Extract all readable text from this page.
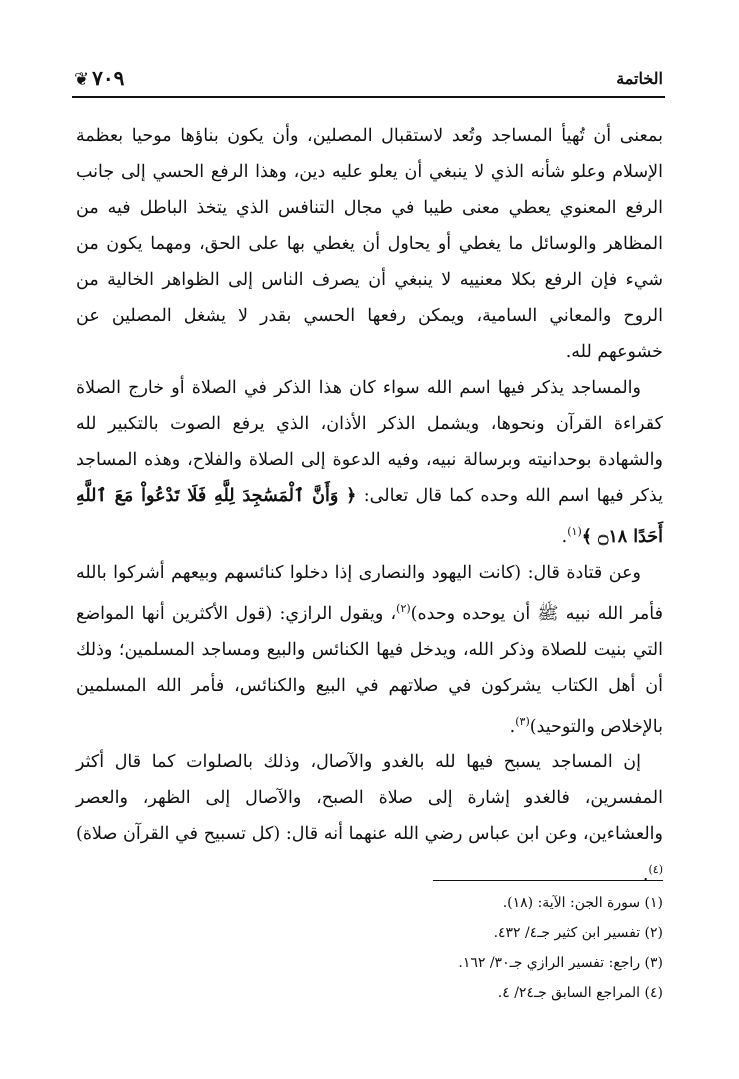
الخاتمة
٧٠٩
❦

بمعنى أن تُهيأ المساجد وتُعد لاستقبال المصلين، وأن يكون بناؤها موحيا بعظمة الإسلام وعلو شأنه الذي لا ينبغي أن يعلو عليه دين، وهذا الرفع الحسي إلى جانب الرفع المعنوي يعطي معنى طيبا في مجال التنافس الذي يتخذ الباطل فيه من المظاهر والوسائل ما يغطي أو يحاول أن يغطي بها على الحق، ومهما يكون من شيء فإن الرفع بكلا معنييه لا ينبغي أن يصرف الناس إلى الظواهر الخالية من الروح والمعاني السامية، ويمكن رفعها الحسي بقدر لا يشغل المصلين عن خشوعهم لله.

والمساجد يذكر فيها اسم الله سواء كان هذا الذكر في الصلاة أو خارج الصلاة كقراءة القرآن ونحوها، ويشمل الذكر الأذان، الذي يرفع الصوت بالتكبير لله والشهادة بوحدانيته وبرسالة نبيه، وفيه الدعوة إلى الصلاة والفلاح، وهذه المساجد يذكر فيها اسم الله وحده كما قال تعالى: ﴿ وَأَنَّ ٱلْمَسَٰجِدَ لِلَّهِ فَلَا تَدْعُواْ مَعَ ٱللَّهِ أَحَدًا ۝١٨ ﴾$^{(١)}$.

وعن قتادة قال: (كانت اليهود والنصارى إذا دخلوا كنائسهم وبيعهم أشركوا بالله فأمر الله نبيه ﷺ أن يوحده وحده)$^{(٢)}$، ويقول الرازي: (قول الأكثرين أنها المواضع التي بنيت للصلاة وذكر الله، ويدخل فيها الكنائس والبيع ومساجد المسلمين؛ وذلك أن أهل الكتاب يشركون في صلاتهم في البيع والكنائس، فأمر الله المسلمين بالإخلاص والتوحيد)$^{(٣)}$.

إن المساجد يسبح فيها لله بالغدو والآصال، وذلك بالصلوات كما قال أكثر المفسرين، فالغدو إشارة إلى صلاة الصبح، والآصال إلى الظهر، والعصر والعشاءين، وعن ابن عباس رضي الله عنهما أنه قال: (كل تسبيح في القرآن صلاة)$^{(٤)}$.

(١) سورة الجن: الآية: (١٨).

(٢) تفسير ابن كثير جـ٤/ ٤٣٢.

(٣) راجع: تفسير الرازي جـ٣٠/ ١٦٢.

(٤) المراجع السابق جـ٢٤/ ٤.
